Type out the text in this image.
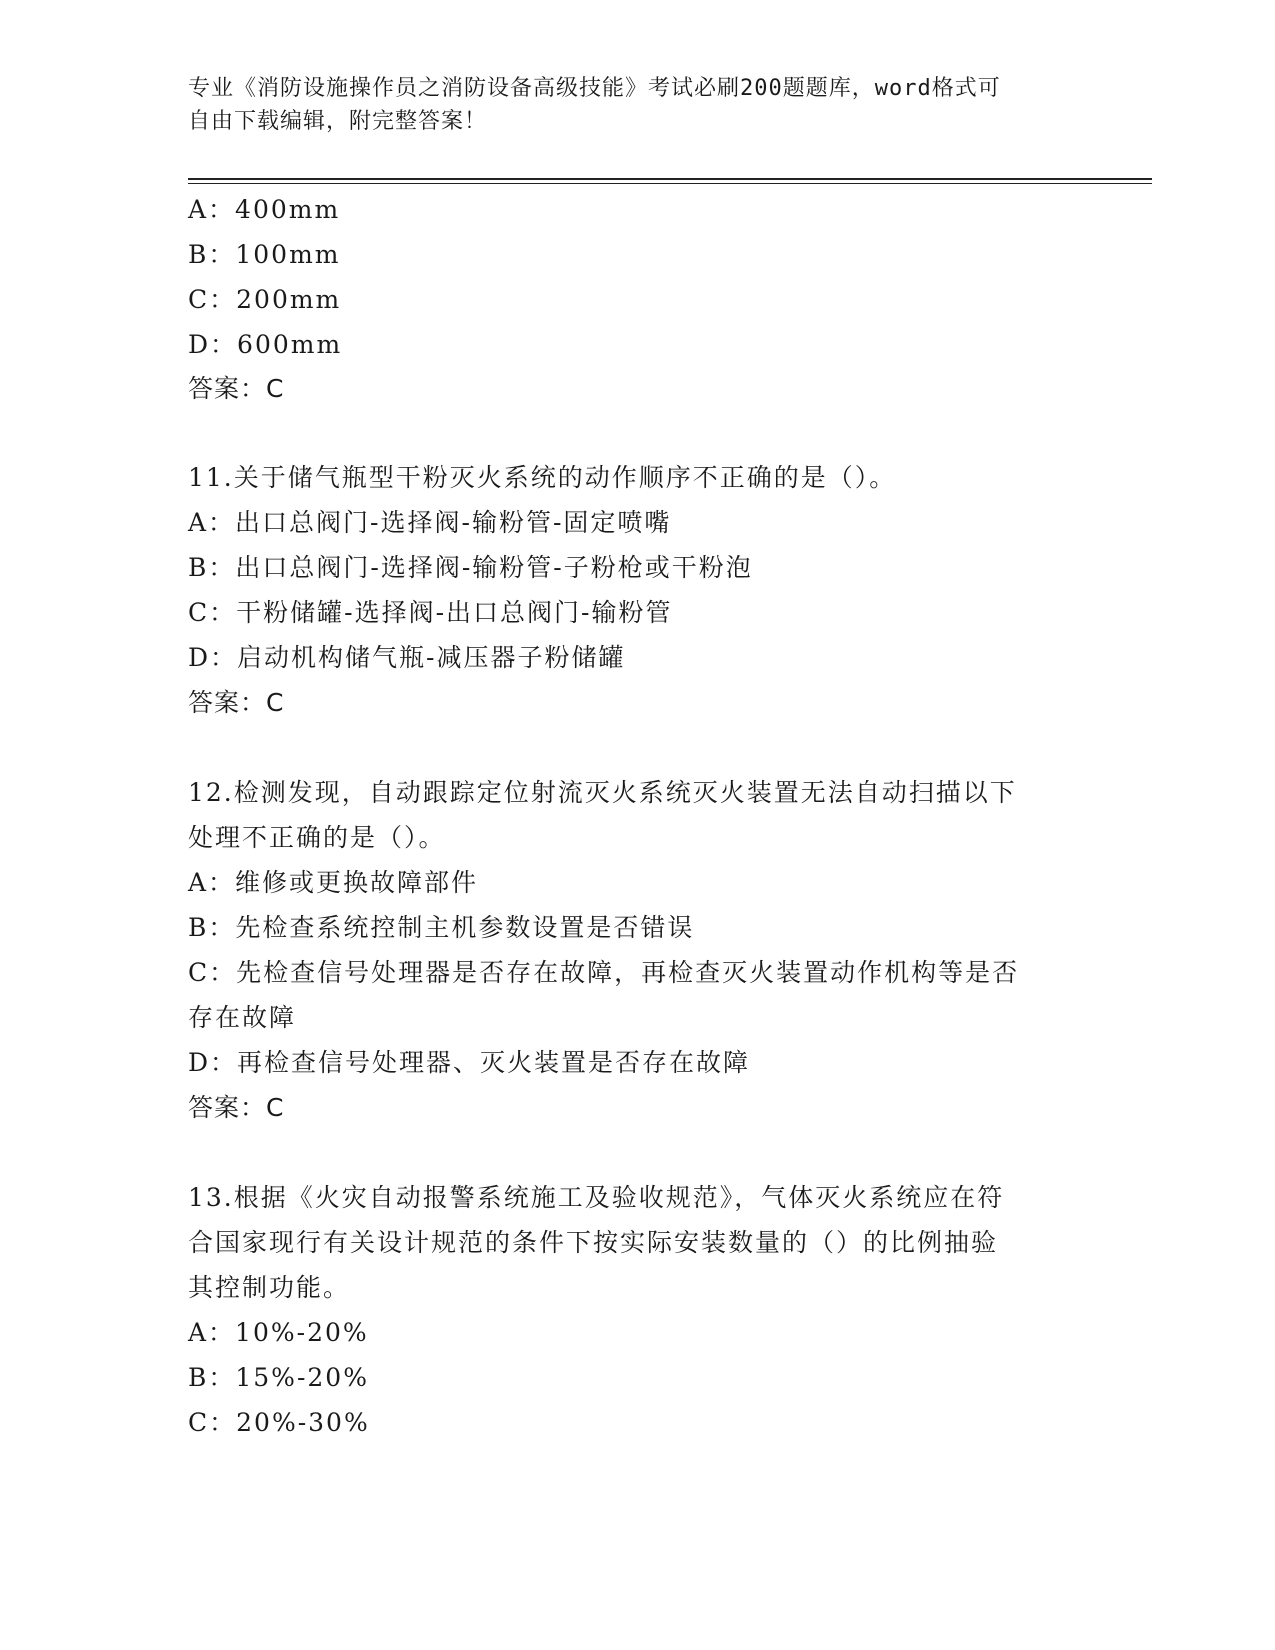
专业《消防设施操作员之消防设备高级技能》考试必刷200题题库，word格式可
自由下载编辑，附完整答案！
A：400mm
B：100mm
C：200mm
D：600mm
答案：C
11.关于储气瓶型干粉灭火系统的动作顺序不正确的是（）。
A：出口总阀门-选择阀-输粉管-固定喷嘴
B：出口总阀门-选择阀-输粉管-子粉枪或干粉泡
C：干粉储罐-选择阀-出口总阀门-输粉管
D：启动机构储气瓶-减压器子粉储罐
答案：C
12.检测发现，自动跟踪定位射流灭火系统灭火装置无法自动扫描以下
处理不正确的是（）。
A：维修或更换故障部件
B：先检查系统控制主机参数设置是否错误
C：先检查信号处理器是否存在故障，再检查灭火装置动作机构等是否
存在故障
D：再检查信号处理器、灭火装置是否存在故障
答案：C
13.根据《火灾自动报警系统施工及验收规范》，气体灭火系统应在符
合国家现行有关设计规范的条件下按实际安装数量的（）的比例抽验
其控制功能。
A：10%-20%
B：15%-20%
C：20%-30%
